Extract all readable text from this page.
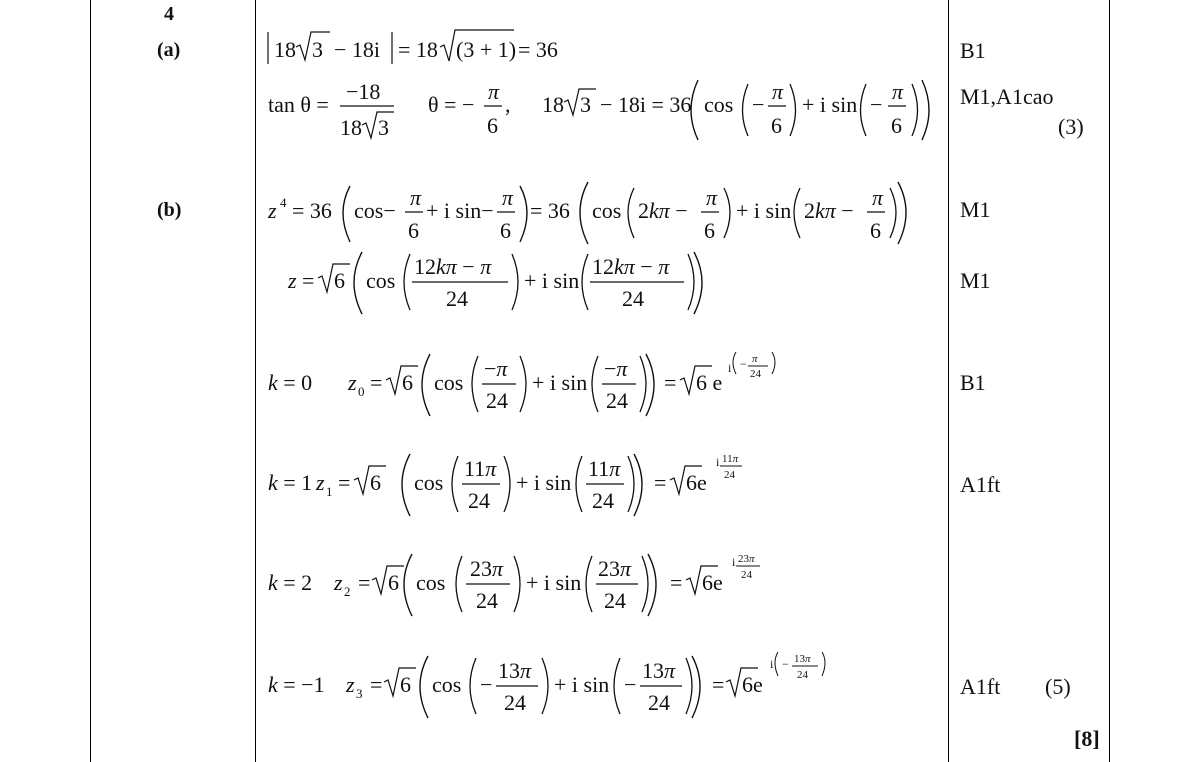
4
(a)
(b)
B1
M1,A1cao
(3)
M1
M1
B1
A1ft
A1ft (5)
[8]
18 3 − 18i = 18 (3 + 1) = 36
tan θ =
−18
18 3
θ = −
π
6
, 18 3 − 18i = 36 cos −
π
6
+ i sin −
π
6
z 4 = 36 cos−
π
6
+ i sin−
π
6
= 36 cos 2kπ −
π
6
+ i sin 2kπ −
π
6
z = 6 cos
12kπ − π
24
+ i sin
12kπ − π
24
k = 0 z 0 = 6 cos
−π
24
+ i sin
−π
24
= 6 e
i − π
24
k = 1 z 1 = 6 cos
11π
24
+ i sin
11π
24
= 6e
i 11π
24
k = 2 z 2 = 6 cos
23π
24
+ i sin
23π
24
= 6e
i 23π
24
k = −1 z 3 = 6 cos −
13π
24
+ i sin −
13π
24
= 6e
i − 13π
24
